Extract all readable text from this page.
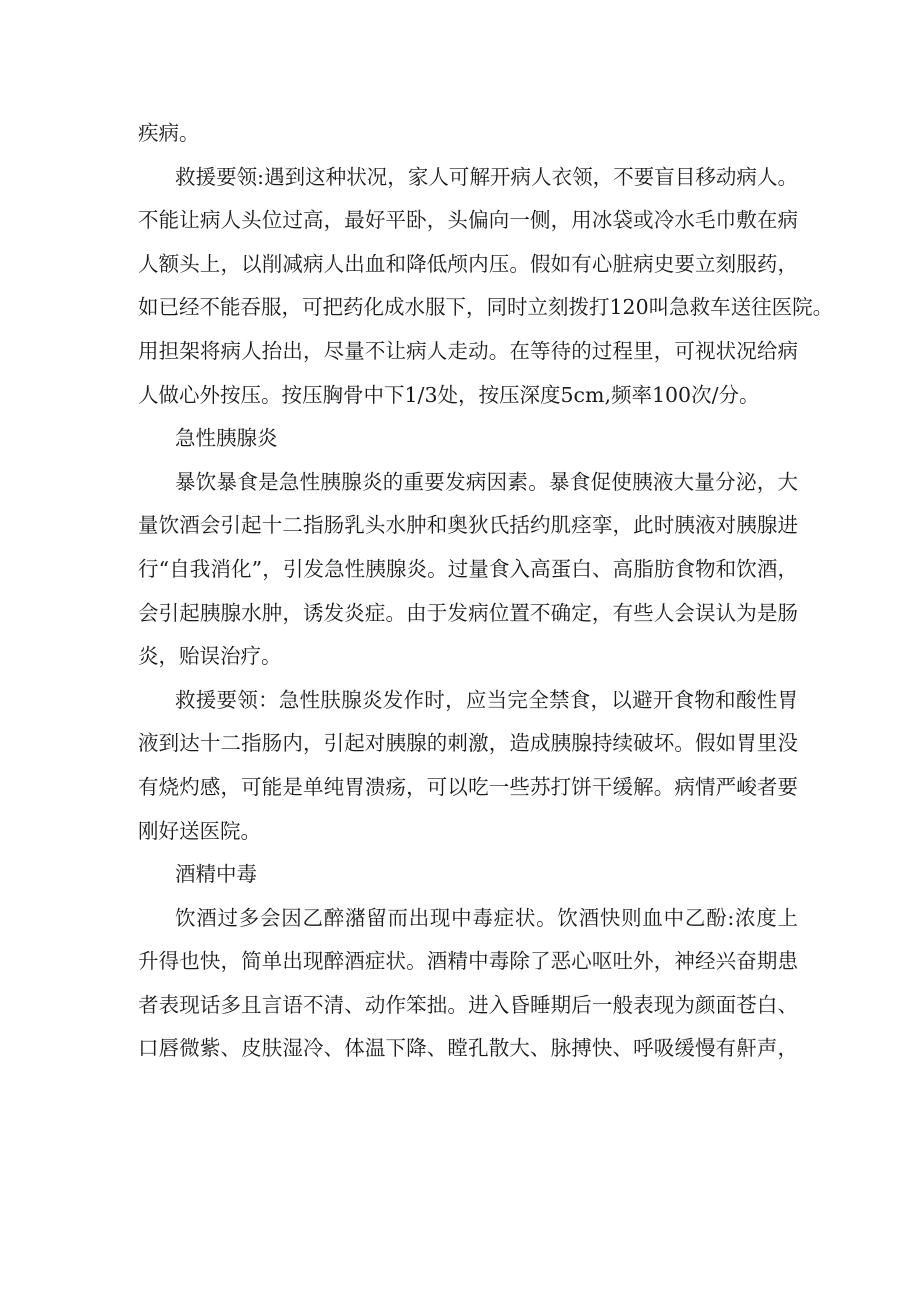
疾病。
救援要领:遇到这种状况，家人可解开病人衣领，不要盲目移动病人。
不能让病人头位过高，最好平卧，头偏向一侧，用冰袋或冷水毛巾敷在病
人额头上，以削减病人出血和降低颅内压。假如有心脏病史要立刻服药，
如已经不能吞服，可把药化成水服下，同时立刻拨打120叫急救车送往医院。
用担架将病人抬出，尽量不让病人走动。在等待的过程里，可视状况给病
人做心外按压。按压胸骨中下1/3处，按压深度5cm,频率100次/分。
急性胰腺炎
暴饮暴食是急性胰腺炎的重要发病因素。暴食促使胰液大量分泌，大
量饮酒会引起十二指肠乳头水肿和奥狄氏括约肌痉挛，此时胰液对胰腺进
行“自我消化”，引发急性胰腺炎。过量食入高蛋白、高脂肪食物和饮酒，
会引起胰腺水肿，诱发炎症。由于发病位置不确定，有些人会误认为是肠
炎，贻误治疗。
救援要领：急性肤腺炎发作时，应当完全禁食，以避开食物和酸性胃
液到达十二指肠内，引起对胰腺的刺激，造成胰腺持续破坏。假如胃里没
有烧灼感，可能是单纯胃溃疡，可以吃一些苏打饼干缓解。病情严峻者要
刚好送医院。
酒精中毒
饮酒过多会因乙醉潴留而出现中毒症状。饮酒快则血中乙酚:浓度上
升得也快，简单出现醉酒症状。酒精中毒除了恶心呕吐外，神经兴奋期患
者表现话多且言语不清、动作笨拙。进入昏睡期后一般表现为颜面苍白、
口唇微紫、皮肤湿冷、体温下降、瞠孔散大、脉搏快、呼吸缓慢有鼾声，
